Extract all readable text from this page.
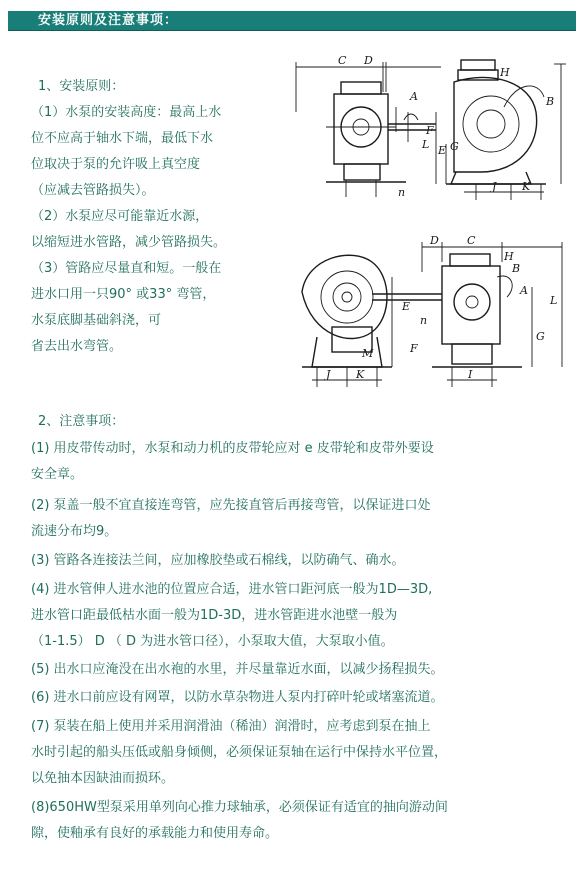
安装原则及注意事项：
1、安装原则：
（1）水泵的安装高度：最高上水
位不应高于轴水下端，最低下水
位取决于泵的允许吸上真空度
（应减去管路损失）。
（2）水泵应尽可能靠近水源，
以缩短进水管路，减少管路损失。
（3）管路应尽量直和短。一般在
进水口用一只90° 或33° 弯管，
水泵底脚基础斜浇，可
省去出水弯管。
C D
n
A
L
H
B
E
F
G
J K
M
n
E
F
B
A
D	C
H
L
G
J K	I
2、注意事项：
(1) 用皮带传动时，水泵和动力机的皮带轮应对 e 皮带轮和皮带外要设
安全章。
(2) 泵盖一般不宜直接连弯管，应先接直管后再接弯管，以保证进口处
流速分布均9。
(3) 管路各连接法兰间，应加橡胶垫或石棉线，以防确气、确水。
(4) 进水管伸人进水池的位置应合适，进水管口距河底一般为1D—3D,
进水管口距最低枯水面一般为1D-3D，进水管距进水池壁一般为
（1-1.5） D （ D 为进水管口径），小泵取大值，大泵取小值。
(5) 出水口应淹没在出水袍的水里，并尽量靠近水面，以减少扬程损失。
(6) 进水口前应设有网罩，以防水草杂物进人泵内打碎叶轮或堵塞流道。
(7) 泵装在船上使用并采用润滑油（稀油）润滑时，应考虑到泵在抽上
水时引起的船头压低或船身倾侧，必须保证泵轴在运行中保持水平位置，
以免抽本因缺油而损环。
(8)650HW型泵采用单列向心推力球轴承，必须保证有适宜的抽向游动间
隙，使釉承有良好的承载能力和使用寿命。
